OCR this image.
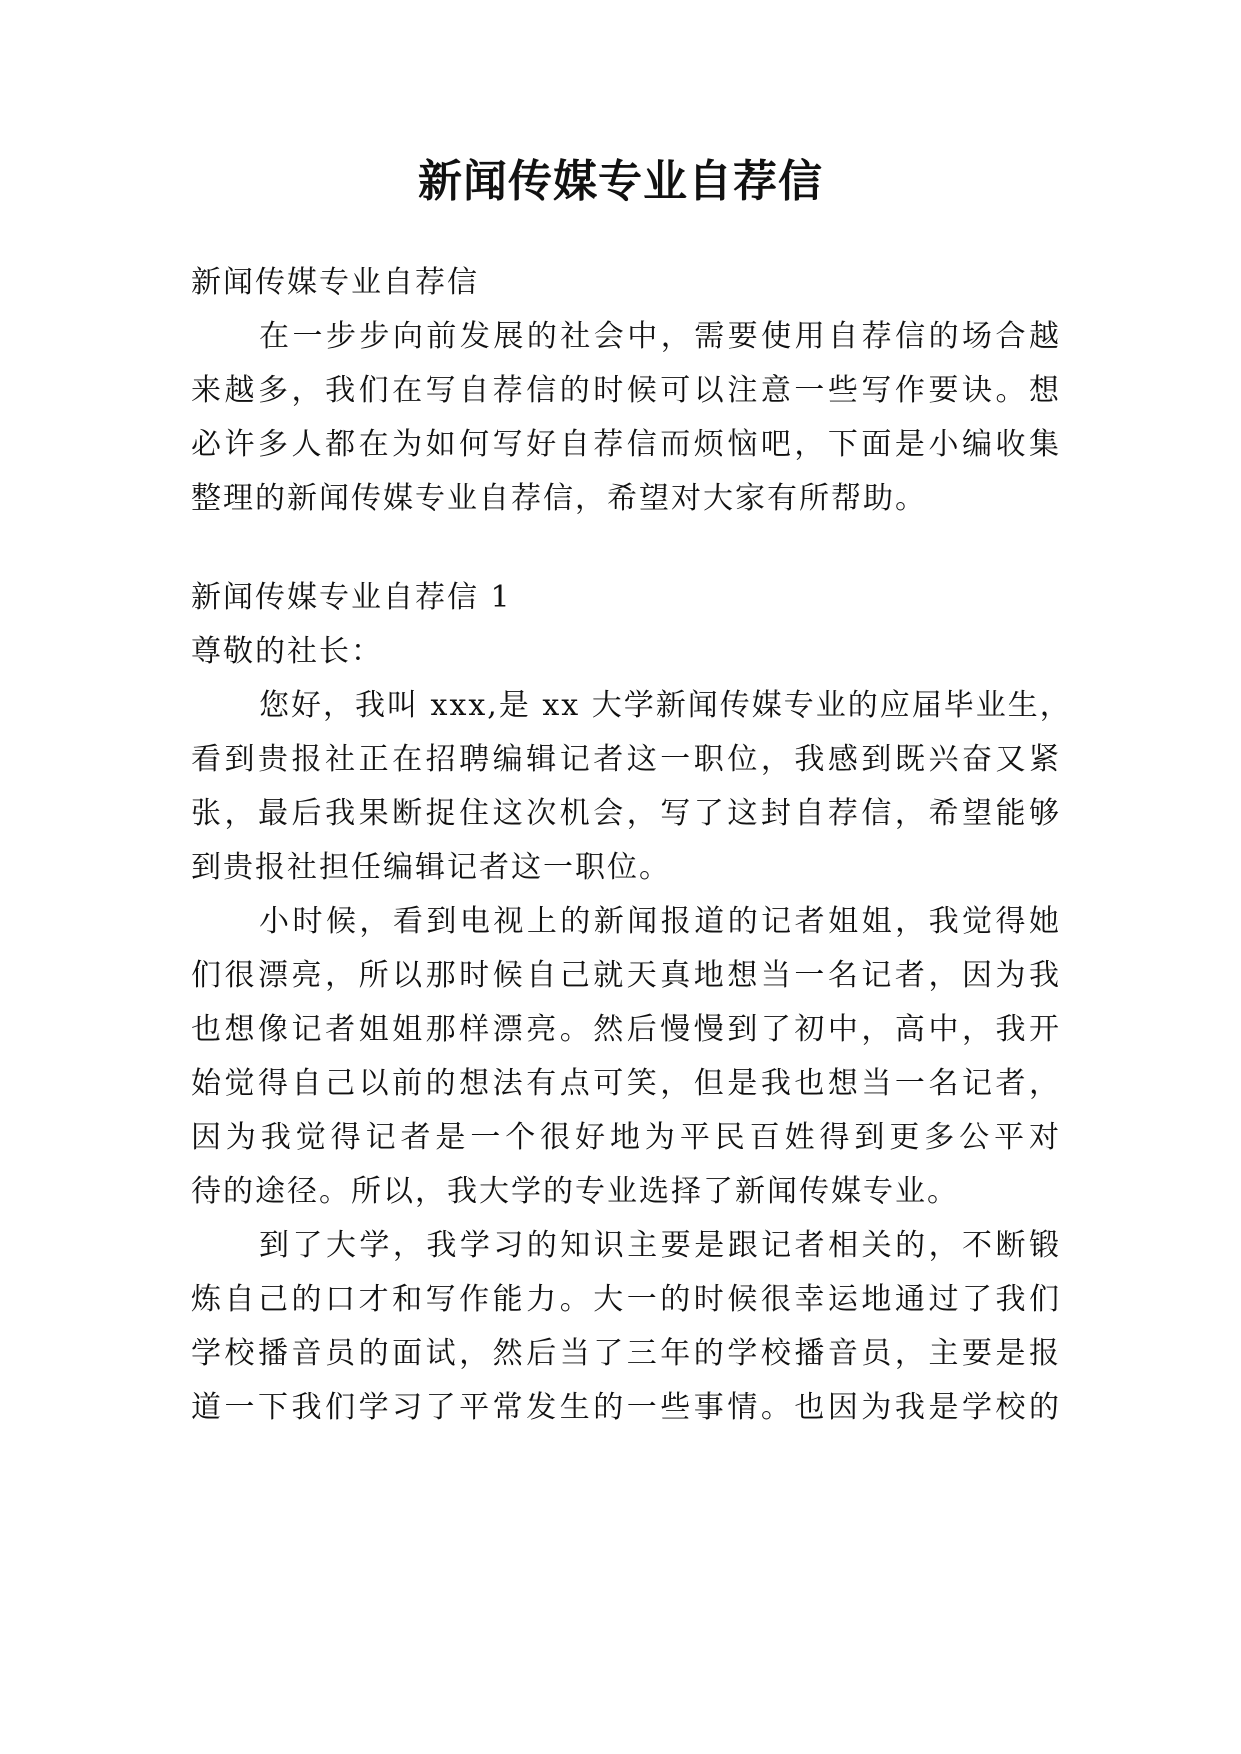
新闻传媒专业自荐信
新闻传媒专业自荐信
在一步步向前发展的社会中，需要使用自荐信的场合越
来越多，我们在写自荐信的时候可以注意一些写作要诀。想
必许多人都在为如何写好自荐信而烦恼吧，下面是小编收集
整理的新闻传媒专业自荐信，希望对大家有所帮助。
新闻传媒专业自荐信 1
尊敬的社长：
您好，我叫 xxx,是 xx 大学新闻传媒专业的应届毕业生，
看到贵报社正在招聘编辑记者这一职位，我感到既兴奋又紧
张，最后我果断捉住这次机会，写了这封自荐信，希望能够
到贵报社担任编辑记者这一职位。
小时候，看到电视上的新闻报道的记者姐姐，我觉得她
们很漂亮，所以那时候自己就天真地想当一名记者，因为我
也想像记者姐姐那样漂亮。然后慢慢到了初中，高中，我开
始觉得自己以前的想法有点可笑，但是我也想当一名记者，
因为我觉得记者是一个很好地为平民百姓得到更多公平对
待的途径。所以，我大学的专业选择了新闻传媒专业。
到了大学，我学习的知识主要是跟记者相关的，不断锻
炼自己的口才和写作能力。大一的时候很幸运地通过了我们
学校播音员的面试，然后当了三年的学校播音员，主要是报
道一下我们学习了平常发生的一些事情。也因为我是学校的
